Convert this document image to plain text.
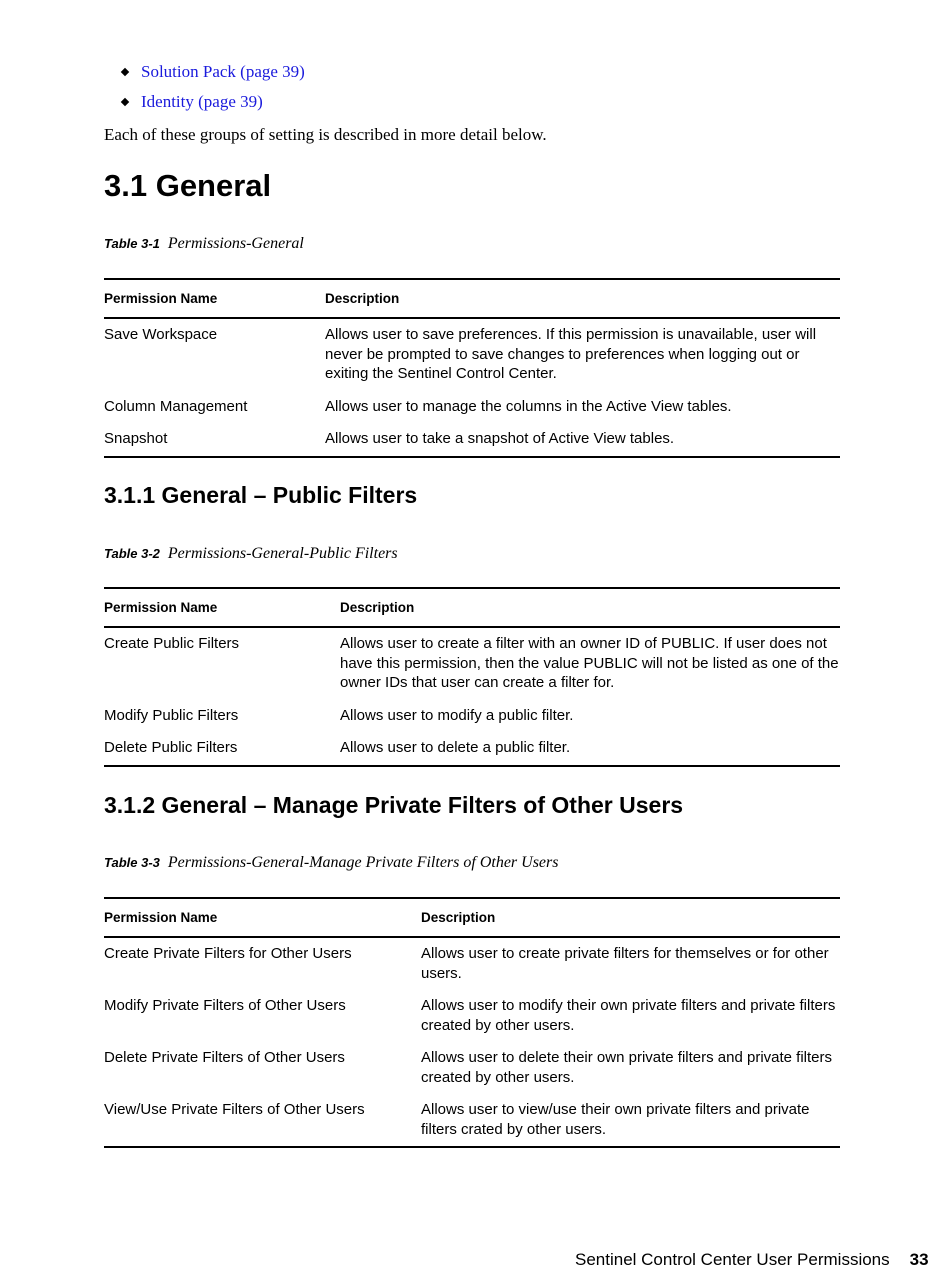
Solution Pack (page 39)
Identity (page 39)

Each of these groups of setting is described in more detail below.

3.1 General
Table 3-1 Permissions-General
Permission Name	Description
Save Workspace	Allows user to save preferences. If this permission is unavailable, user will never be prompted to save changes to preferences when logging out or exiting the Sentinel Control Center.
Column Management	Allows user to manage the columns in the Active View tables.
Snapshot	Allows user to take a snapshot of Active View tables.
3.1.1 General – Public Filters
Table 3-2 Permissions-General-Public Filters
Permission Name	Description
Create Public Filters	Allows user to create a filter with an owner ID of PUBLIC. If user does not have this permission, then the value PUBLIC will not be listed as one of the owner IDs that user can create a filter for.
Modify Public Filters	Allows user to modify a public filter.
Delete Public Filters	Allows user to delete a public filter.
3.1.2 General – Manage Private Filters of Other Users
Table 3-3 Permissions-General-Manage Private Filters of Other Users
Permission Name	Description
Create Private Filters for Other Users	Allows user to create private filters for themselves or for other users.
Modify Private Filters of Other Users	Allows user to modify their own private filters and private filters created by other users.
Delete Private Filters of Other Users	Allows user to delete their own private filters and private filters created by other users.
View/Use Private Filters of Other Users	Allows user to view/use their own private filters and private filters crated by other users.
Sentinel Control Center User Permissions 33
